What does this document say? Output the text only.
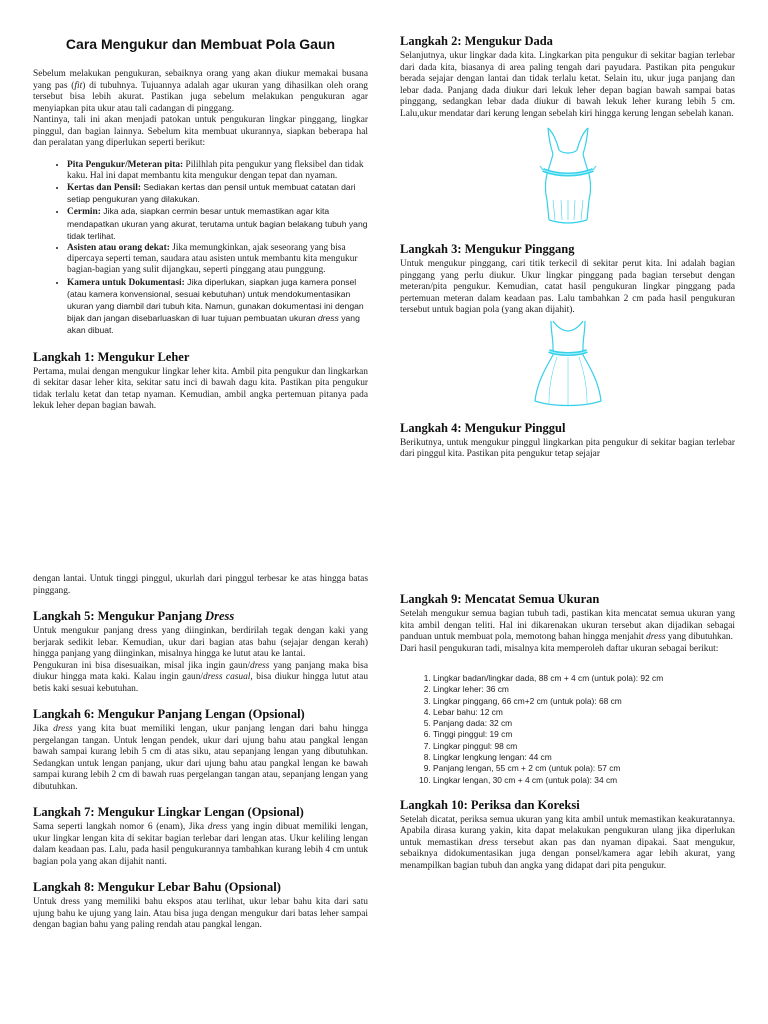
Cara Mengukur dan Membuat Pola Gaun

Sebelum melakukan pengukuran, sebaiknya orang yang akan diukur memakai busana yang pas (fit) di tubuhnya. Tujuannya adalah agar ukuran yang dihasilkan oleh orang tersebut bisa lebih akurat. Pastikan juga sebelum melakukan pengukuran agar menyiapkan pita ukur atau tali cadangan di pinggang.

Nantinya, tali ini akan menjadi patokan untuk pengukuran lingkar pinggang, lingkar pinggul, dan bagian lainnya. Sebelum kita membuat ukurannya, siapkan beberapa hal dan peralatan yang diperlukan seperti berikut:

• Pita Pengukur/Meteran pita: Pililhlah pita pengukur yang fleksibel dan tidak kaku. Hal ini dapat membantu kita mengukur dengan tepat dan nyaman.
• Kertas dan Pensil: Sediakan kertas dan pensil untuk membuat catatan dari setiap pengukuran yang dilakukan.
• Cermin: Jika ada, siapkan cermin besar untuk memastikan agar kita mendapatkan ukuran yang akurat, terutama untuk bagian belakang tubuh yang tidak terlihat.
• Asisten atau orang dekat: Jika memungkinkan, ajak seseorang yang bisa dipercaya seperti teman, saudara atau asisten untuk membantu kita mengukur bagian-bagian yang sulit dijangkau, seperti pinggang atau punggung.
• Kamera untuk Dokumentasi: Jika diperlukan, siapkan juga kamera ponsel (atau kamera konvensional, sesuai kebutuhan) untuk mendokumentasikan ukuran yang diambil dari tubuh kita. Namun, gunakan dokumentasi ini dengan bijak dan jangan disebarluaskan di luar tujuan pembuatan ukuran dress yang akan dibuat.
Langkah 1: Mengukur Leher

Pertama, mulai dengan mengukur lingkar leher kita. Ambil pita pengukur dan lingkarkan di sekitar dasar leher kita, sekitar satu inci di bawah dagu kita. Pastikan pita pengukur tidak terlalu ketat dan tetap nyaman. Kemudian, ambil angka pertemuan pitanya pada lekuk leher depan bagian bawah.

Langkah 2: Mengukur Dada

Selanjutnya, ukur lingkar dada kita. Lingkarkan pita pengukur di sekitar bagian terlebar dari dada kita, biasanya di area paling tengah dari payudara. Pastikan pita pengukur berada sejajar dengan lantai dan tidak terlalu ketat. Selain itu, ukur juga panjang dan lebar dada. Panjang dada diukur dari lekuk leher depan bagian bawah sampai batas pinggang, sedangkan lebar dada diukur di bawah lekuk leher kurang lebih 5 cm. Lalu,ukur mendatar dari kerung lengan sebelah kiri hingga kerung lengan sebelah kanan.

Langkah 3: Mengukur Pinggang

Untuk mengukur pinggang, cari titik terkecil di sekitar perut kita. Ini adalah bagian pinggang yang perlu diukur. Ukur lingkar pinggang pada bagian tersebut dengan meteran/pita pengukur. Kemudian, catat hasil pengukuran lingkar pinggang pada pertemuan meteran dalam keadaan pas. Lalu tambahkan 2 cm pada hasil pengukuran tersebut untuk bagian pola (yang akan dijahit).

Langkah 4: Mengukur Pinggul

Berikutnya, untuk mengukur pinggul lingkarkan pita pengukur di sekitar bagian terlebar dari pinggul kita. Pastikan pita pengukur tetap sejajar

dengan lantai. Untuk tinggi pinggul, ukurlah dari pinggul terbesar ke atas hingga batas pinggang.

Langkah 5: Mengukur Panjang Dress

Untuk mengukur panjang dress yang diinginkan, berdirilah tegak dengan kaki yang berjarak sedikit lebar. Kemudian, ukur dari bagian atas bahu (sejajar dengan kerah) hingga panjang yang diinginkan, misalnya hingga ke lutut atau ke lantai.

Pengukuran ini bisa disesuaikan, misal jika ingin gaun/dress yang panjang maka bisa diukur hingga mata kaki. Kalau ingin gaun/dress casual, bisa diukur hingga lutut atau betis kaki sesuai kebutuhan.

Langkah 6: Mengukur Panjang Lengan (Opsional)

Jika dress yang kita buat memiliki lengan, ukur panjang lengan dari bahu hingga pergelangan tangan. Untuk lengan pendek, ukur dari ujung bahu atau pangkal lengan bawah sampai kurang lebih 5 cm di atas siku, atau sepanjang lengan yang dibutuhkan. Sedangkan untuk lengan panjang, ukur dari ujung bahu atau pangkal lengan ke bawah sampai kurang lebih 2 cm di bawah ruas pergelangan tangan atau, sepanjang lengan yang dibutuhkan.

Langkah 7: Mengukur Lingkar Lengan (Opsional)

Sama seperti langkah nomor 6 (enam), Jika dress yang ingin dibuat memiliki lengan, ukur lingkar lengan kita di sekitar bagian terlebar dari lengan atas. Ukur keliling lengan dalam keadaan pas. Lalu, pada hasil pengukurannya tambahkan kurang lebih 4 cm untuk bagian pola yang akan dijahit nanti.

Langkah 8: Mengukur Lebar Bahu (Opsional)

Untuk dress yang memiliki bahu ekspos atau terlihat, ukur lebar bahu kita dari satu ujung bahu ke ujung yang lain. Atau bisa juga dengan mengukur dari batas leher sampai dengan bagian bahu yang paling rendah atau pangkal lengan.

Langkah 9: Mencatat Semua Ukuran

Setelah mengukur semua bagian tubuh tadi, pastikan kita mencatat semua ukuran yang kita ambil dengan teliti. Hal ini dikarenakan ukuran tersebut akan dijadikan sebagai panduan untuk membuat pola, memotong bahan hingga menjahit dress yang dibutuhkan.

Dari hasil pengukuran tadi, misalnya kita memperoleh daftar ukuran sebagai berikut:

1. Lingkar badan/lingkar dada, 88 cm + 4 cm (untuk pola): 92 cm
2. Lingkar leher: 36 cm
3. Lingkar pinggang, 66 cm+2 cm (untuk pola): 68 cm
4. Lebar bahu: 12 cm
5. Panjang dada: 32 cm
6. Tinggi pinggul: 19 cm
7. Lingkar pinggul: 98 cm
8. Lingkar lengkung lengan: 44 cm
9. Panjang lengan, 55 cm + 2 cm (untuk pola): 57 cm
10. Lingkar lengan, 30 cm + 4 cm (untuk pola): 34 cm
Langkah 10: Periksa dan Koreksi

Setelah dicatat, periksa semua ukuran yang kita ambil untuk memastikan keakuratannya. Apabila dirasa kurang yakin, kita dapat melakukan pengukuran ulang jika diperlukan untuk memastikan dress tersebut akan pas dan nyaman dipakai. Saat mengukur, sebaiknya didokumentasikan juga dengan ponsel/kamera agar lebih akurat, yang menampilkan bagian tubuh dan angka yang didapat dari pita pengukur.
